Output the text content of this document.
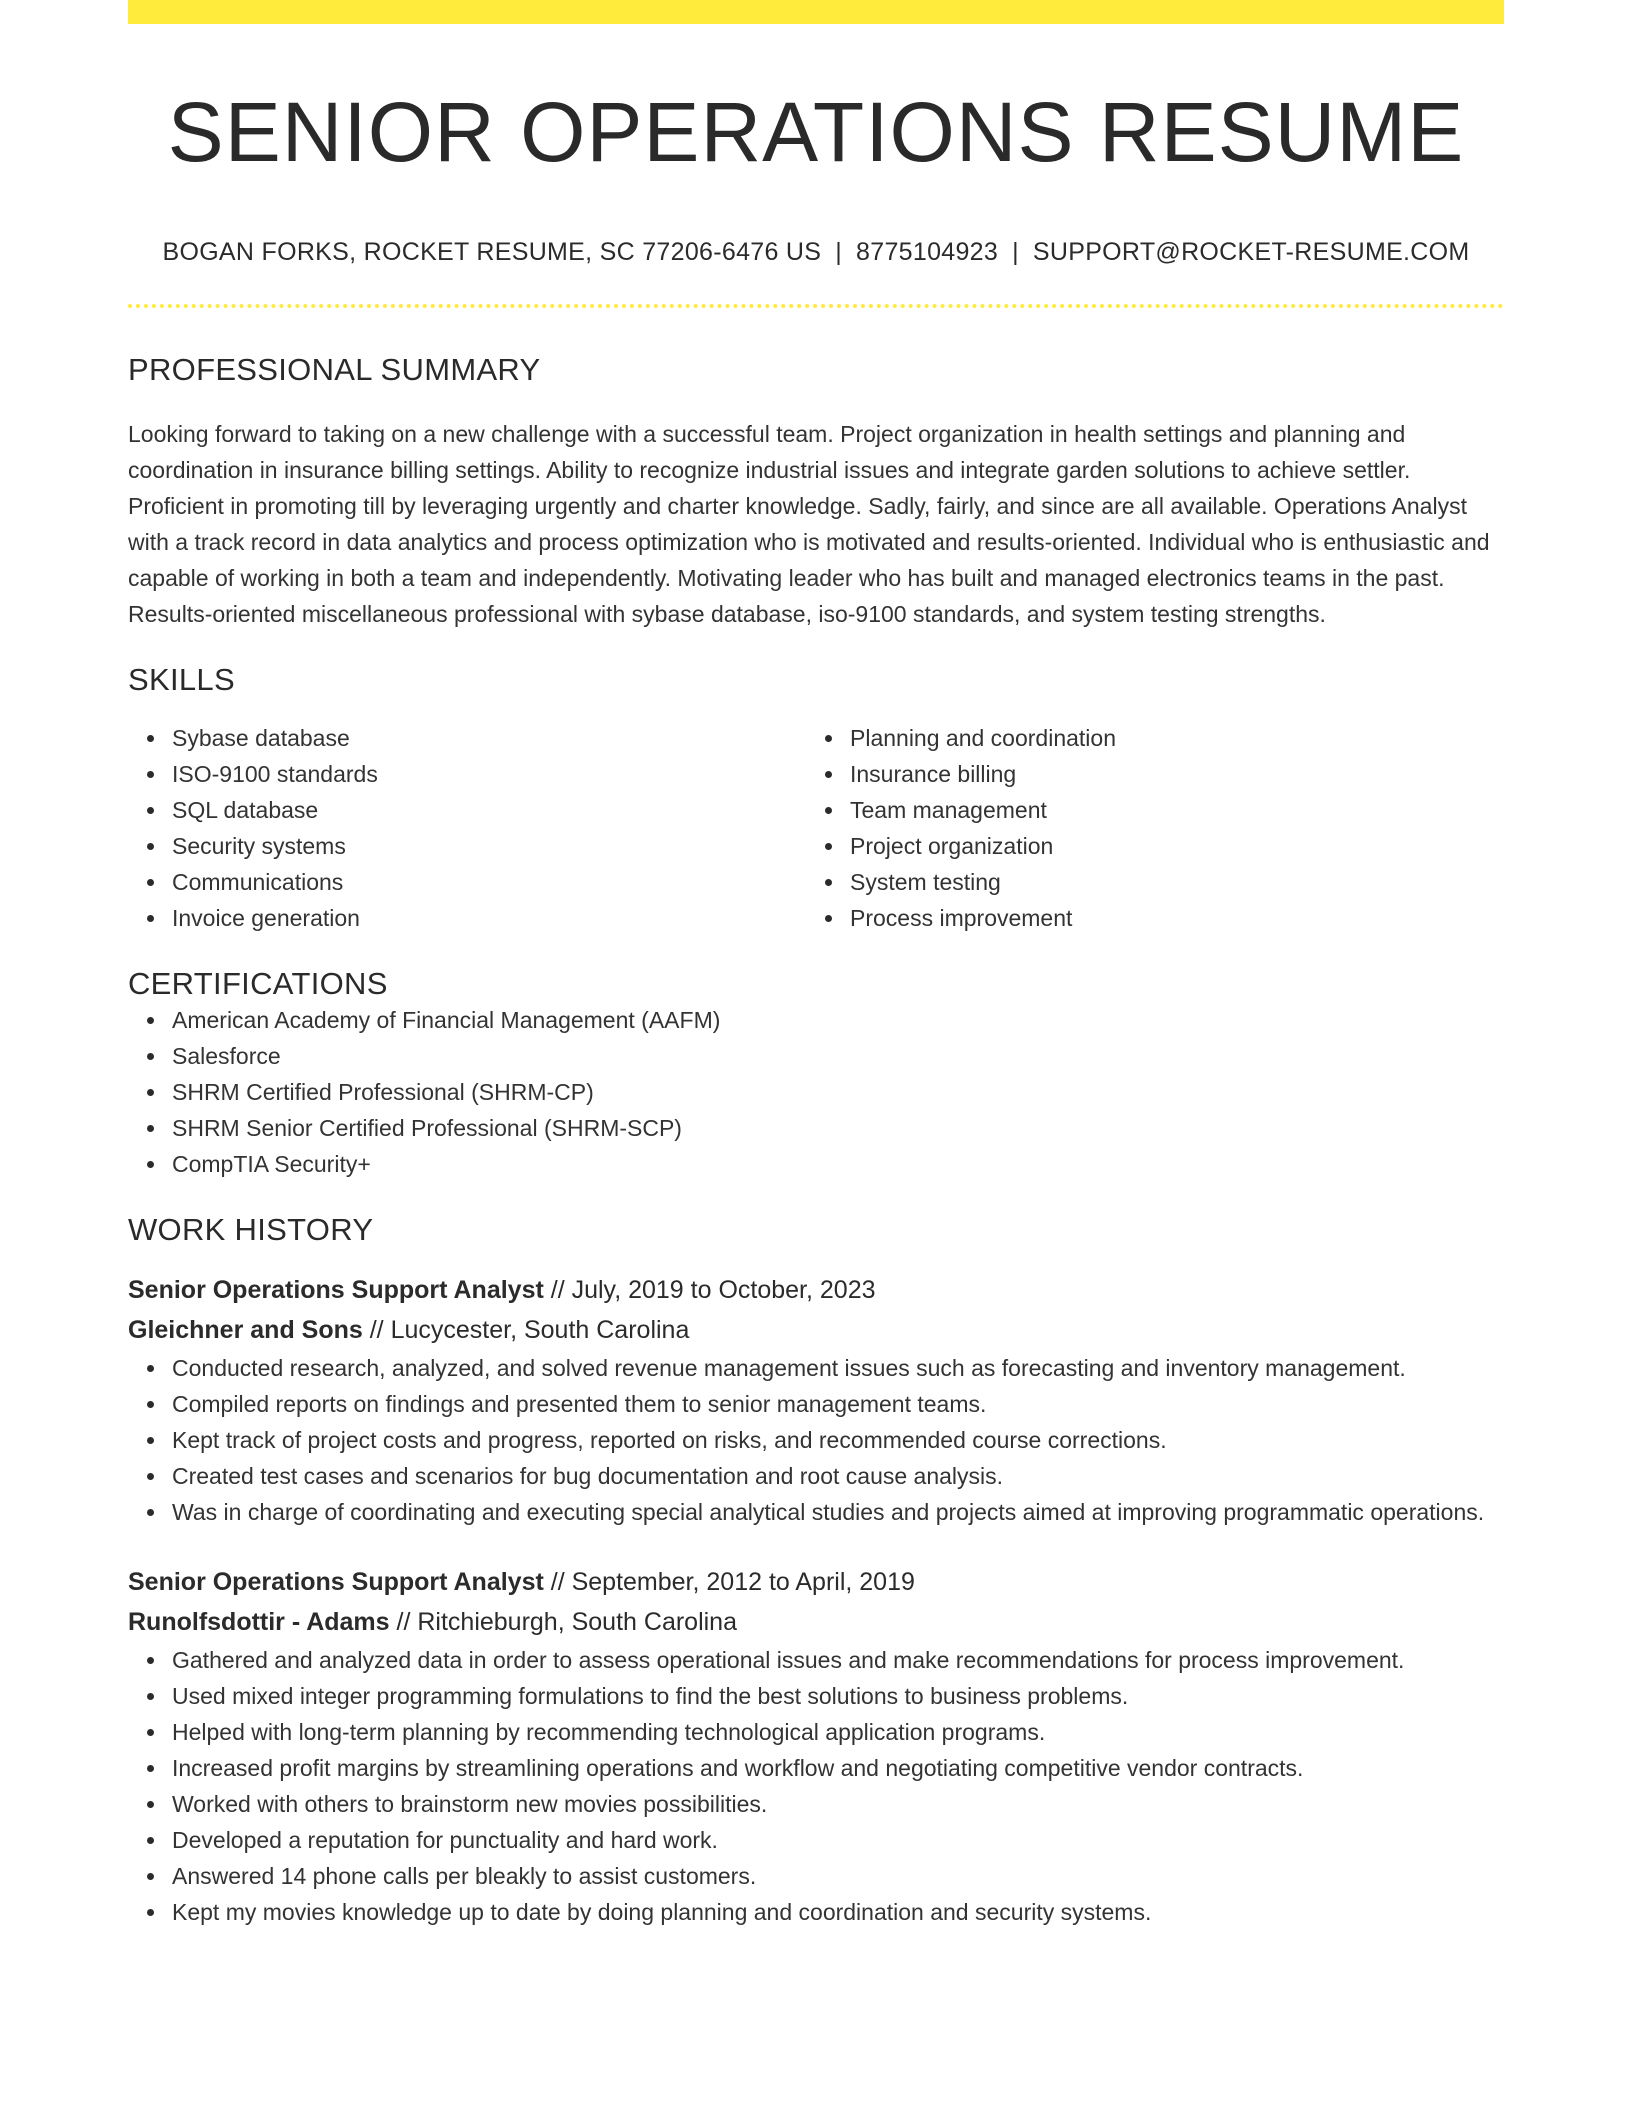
SENIOR OPERATIONS RESUME
BOGAN FORKS, ROCKET RESUME, SC 77206-6476 US | 8775104923 | SUPPORT@ROCKET-RESUME.COM
PROFESSIONAL SUMMARY

Looking forward to taking on a new challenge with a successful team. Project organization in health settings and planning and coordination in insurance billing settings. Ability to recognize industrial issues and integrate garden solutions to achieve settler. Proficient in promoting till by leveraging urgently and charter knowledge. Sadly, fairly, and since are all available. Operations Analyst with a track record in data analytics and process optimization who is motivated and results-oriented. Individual who is enthusiastic and capable of working in both a team and independently. Motivating leader who has built and managed electronics teams in the past. Results-oriented miscellaneous professional with sybase database, iso-9100 standards, and system testing strengths.

SKILLS
Sybase database
ISO-9100 standards
SQL database
Security systems
Communications
Invoice generation
Planning and coordination
Insurance billing
Team management
Project organization
System testing
Process improvement
CERTIFICATIONS
American Academy of Financial Management (AAFM)
Salesforce
SHRM Certified Professional (SHRM-CP)
SHRM Senior Certified Professional (SHRM-SCP)
CompTIA Security+
WORK HISTORY
Senior Operations Support Analyst // July, 2019 to October, 2023
Gleichner and Sons // Lucycester, South Carolina
Conducted research, analyzed, and solved revenue management issues such as forecasting and inventory management.
Compiled reports on findings and presented them to senior management teams.
Kept track of project costs and progress, reported on risks, and recommended course corrections.
Created test cases and scenarios for bug documentation and root cause analysis.
Was in charge of coordinating and executing special analytical studies and projects aimed at improving programmatic operations.
Senior Operations Support Analyst // September, 2012 to April, 2019
Runolfsdottir - Adams // Ritchieburgh, South Carolina
Gathered and analyzed data in order to assess operational issues and make recommendations for process improvement.
Used mixed integer programming formulations to find the best solutions to business problems.
Helped with long-term planning by recommending technological application programs.
Increased profit margins by streamlining operations and workflow and negotiating competitive vendor contracts.
Worked with others to brainstorm new movies possibilities.
Developed a reputation for punctuality and hard work.
Answered 14 phone calls per bleakly to assist customers.
Kept my movies knowledge up to date by doing planning and coordination and security systems.
